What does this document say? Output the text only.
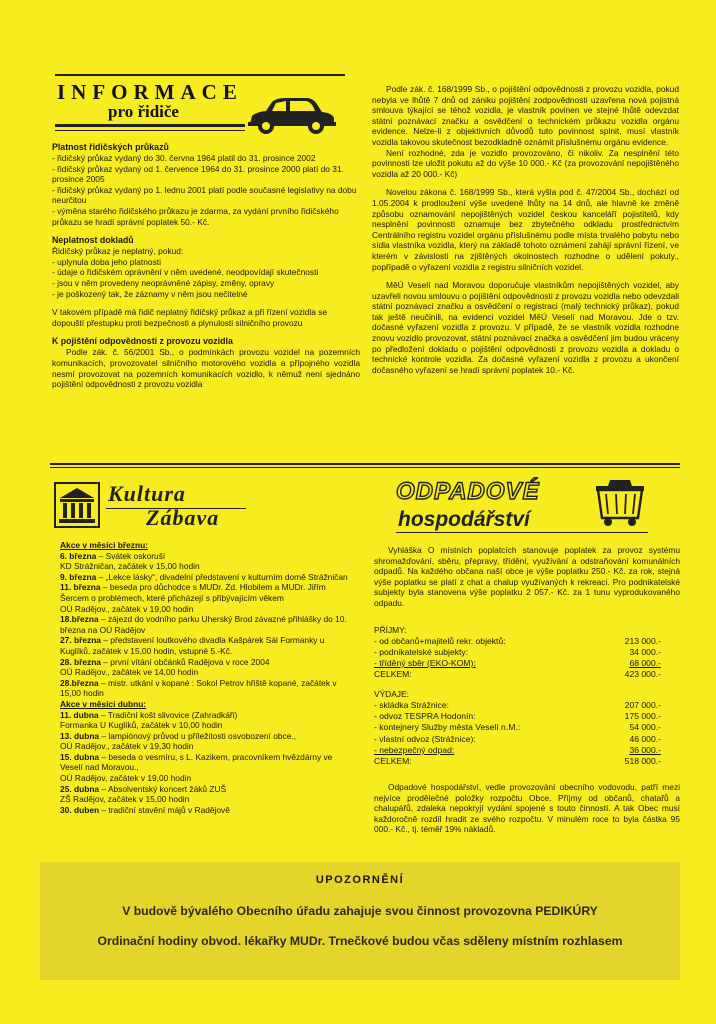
INFORMACE
pro řidiče
Platnost řidičských průkazů
- řidičský průkaz vydaný do 30. června 1964 platil do 31. prosince 2002
- řidičský průkaz vydaný od 1. července 1964 do 31. prosince 2000 platí do 31. prosince 2005
- řidičský průkaz vydaný po 1. lednu 2001 platí podle současné legislativy na dobu neurčitou
- výměna starého řidičského průkazu je zdarma, za vydání prvního řidičského průkazu se hradí správní poplatek 50.- Kč.
Neplatnost dokladů
Řidičský průkaz je neplatný, pokud:
- uplynula doba jeho platnosti
- údaje o řidičském oprávnění v něm uvedené, neodpovídají skutečnosti
- jsou v něm provedeny neoprávněné zápisy, změny, opravy
- je poškozený tak, že záznamy v něm jsou nečitelné
V takovém případě má řidič neplatný řidičský průkaz a při řízení vozidla se dopouští přestupku proti bezpečnosti a plynulosti silničního provozu
K pojištění odpovědnosti z provozu vozidla
Podle zák. č. 56/2001 Sb., o podmínkách provozu vozidel na pozemních komunikacích, provozovatel silničního motorového vozidla a přípojného vozidla nesmí provozovat na pozemních komunikacích vozidlo, k němuž není sjednáno pojištění odpovědnosti z provozu vozidla

Podle zák. č. 168/1999 Sb., o pojištění odpovědnosti z provozu vozidla, pokud nebyla ve lhůtě 7 dnů od zániku pojištění zodpovědnosti uzavřena nová pojistná smlouva týkající se téhož vozidla, je vlastník povinen ve stejné lhůtě odevzdat státní poznávací značku a osvědčení o technickém průkazu vozidla orgánu evidence. Nelze-li z objektivních důvodů tuto povinnost splnit, musí vlastník vozidla takovou skutečnost bezodkladně oznámit příslušnému orgánu evidence.

Není rozhodné, zda je vozidlo provozováno, či nikoliv. Za nesplnění této povinnosti lze uložit pokutu až do výše 10 000.- Kč (za provozování nepojištěného vozidla až 20 000.- Kč)

Novelou zákona č. 168/1999 Sb., která vyšla pod č. 47/2004 Sb., dochází od 1.05.2004 k prodloužení výše uvedené lhůty na 14 dnů, ale hlavně ke změně způsobu oznamování nepojištěných vozidel českou kanceláří pojistitelů, kdy nesplnění povinnosti oznamuje bez zbytečného odkladu prostřednictvím Centrálního registru vozidel orgánu příslušnému podle místa trvalého pobytu nebo sídla vlastníka vozidla, který na základě tohoto oznámení zahájí správní řízení, ve kterém v závislosti na zjištěných okolnostech rozhodne o udělení pokuty., popřípadě o vyřazení vozidla z registru silničních vozidel.

MěÚ Veselí nad Moravou doporučuje vlastníkům nepojištěných vozidel, aby uzavřeli novou smlouvu o pojištění odpovědnosti z provozu vozidla nebo odevzdali státní poznávací značku a osvědčení o registraci (malý technický průkaz), pokud tak ještě neučinili, na evidenci vozidel MěÚ Veselí nad Moravou. Jde o tzv. dočasné vyřazení vozidla z provozu. V případě, že se vlastník vozidla rozhodne znovu vozidlo provozovat, státní poznávací značka a osvědčení jim budou vráceny po předložení dokladu o pojištění odpovědnosti z provozu vozidla a dokladu o technické kontrole vozidla. Za dočasné vyřazení vozidla z provozu a ukončení dočasného vyřazení se hradí správní poplatek 10.- Kč.

Kultura
Zábava
Akce v měsíci březnu:
6. března – Svátek oskoruší
KD Strážničan, začátek v 15,00 hodin
9. března – „Lekce lásky“, divadelní představení v kulturním domě Strážničan
11. března – beseda pro důchodce s MUDr. Zd. Hlobilem a MUDr. Jiřím Šercem o problémech, které přicházejí s přibývajícím věkem
OÚ Radějov., začátek v 19,00 hodin
18.března – zájezd do vodního parku Uherský Brod závazné přihlášky do 10. března na OÚ Radějov
27. března – představení loutkového divadla Kašpárek Sál Formanky u Kuglíků, začátek v 15,00 hodin, vstupné 5.-Kč.
28. března – první vítání občánků Radějova v roce 2004
OÚ Radějov., začátek ve 14,00 hodin
28.března – mistr. utkání v kopané : Sokol Petrov hřiště kopané, začátek v 15,00 hodin
Akce v měsíci dubnu:
11. dubna – Tradiční košt slivovice (Zahradkáři)
Formanka U Kuglíků, začátek v 10,00 hodin
13. dubna – lampiónový průvod u příležitosti osvobození obce.,
OÚ Radějov., začátek v 19,30 hodin
15. dubna – beseda o vesmíru, s L. Kazikem, pracovníkem hvězdárny ve Veselí nad Moravou.,
OÚ Radějov, začátek v 19,00 hodin
25. dubna – Absolventský koncert žáků ZUŠ
ZŠ Radějov, začátek v 15,00 hodin
30. duben – tradiční stavění májů v Radějově
ODPADOVÉ
hospodářství
Vyhláška O místních poplatcích stanovuje poplatek za provoz systému shromažďování, sběru, přepravy, třídění, využívání a odstraňování komunálních odpadů. Na každého občana naší obce je výše poplatku 250.- Kč. za rok, stejná výše poplatku se platí z chat a chalup využívaných k rekreaci. Pro podnikatelské subjekty byla stanovena výše poplatku 2 057.- Kč. za 1 tunu vyprodukovaného odpadu.
PŘÍJMY:
- od občanů+majitelů rekr. objektů:	213 000.-
- podnikatelské subjekty:	34 000.-
- tříděný sběr (EKO-KOM):	68 000.-
CELKEM:	423 000.-
VÝDAJE:
- skládka Strážnice:	207 000.-
- odvoz TESPRA Hodonín:	175 000.-
- kontejnery Služby města Veselí n.M.:	54 000.-
- vlastní odvoz (Strážnice):	46 000.-
- nebezpečný odpad:	36 000.-
CELKEM:	518 000.-
Odpadové hospodářství, vedle provozování obecního vodovodu, patří mezi nejvíce prodělečné položky rozpočtu Obce. Příjmy od občanů, chatařů a chalupářů, zdaleka nepokryjí vydání spojené s touto činností. A tak Obec musí každoročně rozdíl hradit ze svého rozpočtu. V minulém roce to byla částka 95 000.- Kč., tj. téměř 19% nákladů.
UPOZORNĚNÍ
V budově bývalého Obecního úřadu zahajuje svou činnost provozovna PEDIKÚRY
Ordinační hodiny obvod. lékařky MUDr. Trnečkové budou včas sděleny místním rozhlasem
